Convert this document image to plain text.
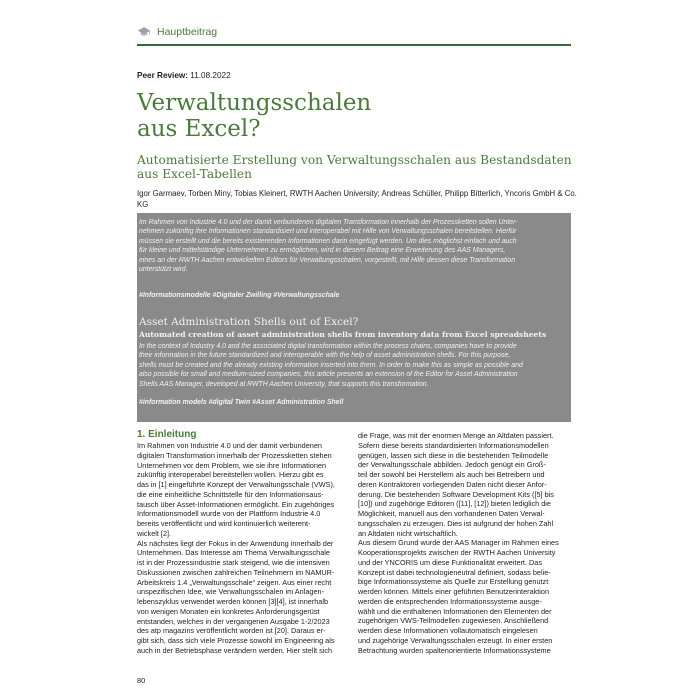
Hauptbeitrag
Peer Review: 11.08.2022
Verwaltungsschalen
aus Excel?
Automatisierte Erstellung von Verwaltungsschalen aus Bestandsdaten
aus Excel-Tabellen
Igor Garmaev, Torben Miny, Tobias Kleinert, RWTH Aachen University; Andreas Schüller, Philipp Bitterlich, Yncoris GmbH & Co. KG
Im Rahmen von Industrie 4.0 und der damit verbundenen digitalen Transformation innerhalb der Prozessketten sollen Unter-
nehmen zukünftig ihre Informationen standardisiert und interoperabel mit Hilfe von Verwaltungsschalen bereitstellen. Hierfür
müssen sie erstellt und die bereits existierenden Informationen darin eingefügt werden. Um dies möglichst einfach und auch
für kleine und mittelständige Unternehmen zu ermöglichen, wird in diesem Beitrag eine Erweiterung des AAS Managers,
eines an der RWTH Aachen entwickelten Editors für Verwaltungsschalen, vorgestellt, mit Hilfe dessen diese Transformation
unterstützt wird.
#Informationsmodelle #Digitaler Zwilling #Verwaltungsschale
Asset Administration Shells out of Excel?
Automated creation of asset administration shells from inventory data from Excel spreadsheets
In the context of Industry 4.0 and the associated digital transformation within the process chains, companies have to provide
their information in the future standardized and interoperable with the help of asset administration shells. For this purpose,
shells must be created and the already existing information inserted into them. In order to make this as simple as possible and
also possible for small and medium-sized companies, this article presents an extension of the Editor for Asset Administration
Shells AAS Manager, developed at RWTH Aachen University, that supports this transformation.
#information models #digital Twin #Asset Administration Shell
1. Einleitung

Im Rahmen von Industrie 4.0 und der damit verbundenen

digitalen Transformation innerhalb der Prozessketten stehen

Unternehmen vor dem Problem, wie sie ihre Informationen

zukünftig interoperabel bereitstellen wollen. Hierzu gibt es

das in [1] eingeführte Konzept der Verwaltungsschale (VWS),

die eine einheitliche Schnittstelle für den Informationsaus-

tausch über Asset-Informationen ermöglicht. Ein zugehöriges

Informationsmodell wurde von der Plattform Industrie 4.0

bereits veröffentlicht und wird kontinuierlich weiterent-

wickelt [2].

Als nächstes liegt der Fokus in der Anwendung innerhalb der

Unternehmen. Das Interesse am Thema Verwaltungsschale

ist in der Prozessindustrie stark steigend, wie die intensiven

Diskussionen zwischen zahlreichen Teilnehmern im NAMUR-

Arbeitskreis 1.4 „Verwaltungsschale“ zeigen. Aus einer recht

unspezifischen Idee, wie Verwaltungsschalen im Anlagen-

lebenszyklus verwendet werden können [3][4], ist innerhalb

von wenigen Monaten ein konkretes Anforderungsgerüst

entstanden, welches in der vergangenen Ausgabe 1-2/2023

des atp magazins veröffentlicht worden ist [20]. Daraus er-

gibt sich, dass sich viele Prozesse sowohl im Engineering als

auch in der Betriebsphase verändern werden. Hier stellt sich

die Frage, was mit der enormen Menge an Altdaten passiert.

Sofern diese bereits standardisierten Informationsmodellen

genügen, lassen sich diese in die bestehenden Teilmodelle

der Verwaltungsschale abbilden. Jedoch genügt ein Groß-

teil der sowohl bei Herstellern als auch bei Betreibern und

deren Kontraktoren vorliegenden Daten nicht dieser Anfor-

derung. Die bestehenden Software Development Kits ([5] bis

[10]) und zugehörige Editoren ([11], [12]) bieten lediglich die

Möglichkeit, manuell aus den vorhandenen Daten Verwal-

tungsschalen zu erzeugen. Dies ist aufgrund der hohen Zahl

an Altdaten nicht wirtschaftlich.

Aus diesem Grund wurde der AAS Manager im Rahmen eines

Kooperationsprojekts zwischen der RWTH Aachen University

und der YNCORIS um diese Funktionalität erweitert. Das

Konzept ist dabei technologieneutral definiert, sodass belie-

bige Informationssysteme als Quelle zur Erstellung genutzt

werden können. Mittels einer geführten Benutzerinteraktion

werden die entsprechenden Informationssysteme ausge-

wählt und die enthaltenen Informationen den Elementen der

zugehörigen VWS-Teilmodellen zugewiesen. Anschließend

werden diese Informationen vollautomatisch eingelesen

und zugehörige Verwaltungsschalen erzeugt. In einer ersten

Betrachtung wurden spaltenorientierte Informationssysteme

80
